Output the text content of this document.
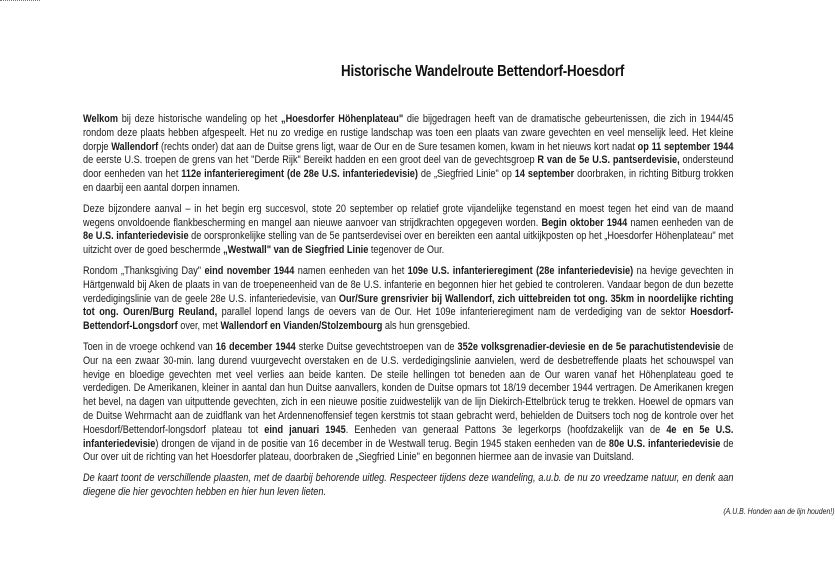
Historische Wandelroute Bettendorf-Hoesdorf

Welkom bij deze historische wandeling op het „Hoesdorfer Höhenplateau" die bijgedragen heeft van de dramatische gebeurtenissen, die zich in 1944/45 rondom deze plaats hebben afgespeelt. Het nu zo vredige en rustige landschap was toen een plaats van zware gevechten en veel menselijk leed. Het kleine dorpje Wallendorf (rechts onder) dat aan de Duitse grens ligt, waar de Our en de Sure tesamen komen, kwam in het nieuws kort nadat op 11 september 1944 de eerste U.S. troepen de grens van het "Derde Rijk" Bereikt hadden en een groot deel van de gevechtsgroep R van de 5e U.S. pantserdevisie, ondersteund door eenheden van het 112e infanterieregiment (de 28e U.S. infanteriedevisie) de „Siegfried Linie" op 14 september doorbraken, in richting Bitburg trokken en daarbij een aantal dorpen innamen.

Deze bijzondere aanval – in het begin erg succesvol, stote 20 september op relatief grote vijandelijke tegenstand en moest tegen het eind van de maand wegens onvoldoende flankbescherming en mangel aan nieuwe aanvoer van strijdkrachten opgegeven worden. Begin oktober 1944 namen eenheden van de 8e U.S. infanteriedevisie de oorspronkelijke stelling van de 5e pantserdevisei over en bereikten een aantal uitkijkposten op het „Hoesdorfer Höhenplateau" met uitzicht over de goed beschermde „Westwall" van de Siegfried Linie tegenover de Our.

Rondom „Thanksgiving Day" eind november 1944 namen eenheden van het 109e U.S. infanterieregiment (28e infanteriedevisie) na hevige gevechten in Härtgenwald bij Aken de plaats in van de troepeneenheid van de 8e U.S. infanterie en begonnen hier het gebied te controleren. Vandaar begon de dun bezette verdedigingslinie van de geele 28e U.S. infanteriedevisie, van Our/Sure grensrivier bij Wallendorf, zich uittebreiden tot ong. 35km in noordelijke richting tot ong. Ouren/Burg Reuland, parallel lopend langs de oevers van de Our. Het 109e infanterieregiment nam de verdediging van de sektor Hoesdorf-Bettendorf-Longsdorf over, met Wallendorf en Vianden/Stolzembourg als hun grensgebied.

Toen in de vroege ochkend van 16 december 1944 sterke Duitse gevechtstroepen van de 352e volksgrenadier-deviesie en de 5e parachutistendevisie de Our na een zwaar 30-min. lang durend vuurgevecht overstaken en de U.S. verdedigingslinie aanvielen, werd de desbetreffende plaats het schouwspel van hevige en bloedige gevechten met veel verlies aan beide kanten. De steile hellingen tot beneden aan de Our waren vanaf het Höhenplateau goed te verdedigen. De Amerikanen, kleiner in aantal dan hun Duitse aanvallers, konden de Duitse opmars tot 18/19 december 1944 vertragen. De Amerikanen kregen het bevel, na dagen van uitputtende gevechten, zich in een nieuwe positie zuidwestelijk van de lijn Diekirch-Ettelbrück terug te trekken. Hoewel de opmars van de Duitse Wehrmacht aan de zuidflank van het Ardennenoffensief tegen kerstmis tot staan gebracht werd, behielden de Duitsers toch nog de kontrole over het Hoesdorf/Bettendorf-longsdorf plateau tot eind januari 1945. Eenheden van generaal Pattons 3e legerkorps (hoofdzakelijk van de 4e en 5e U.S. infanteriedevisie) drongen de vijand in de positie van 16 december in de Westwall terug. Begin 1945 staken eenheden van de 80e U.S. infanteriedevisie de Our over uit de richting van het Hoesdorfer plateau, doorbraken de „Siegfried Linie" en begonnen hiermee aan de invasie van Duitsland.

De kaart toont de verschillende plaasten, met de daarbij behorende uitleg. Respecteer tijdens deze wandeling, a.u.b. de nu zo vreedzame natuur, en denk aan diegene die hier gevochten hebben en hier hun leven lieten.

(A.U.B. Honden aan de lijn houden!)
